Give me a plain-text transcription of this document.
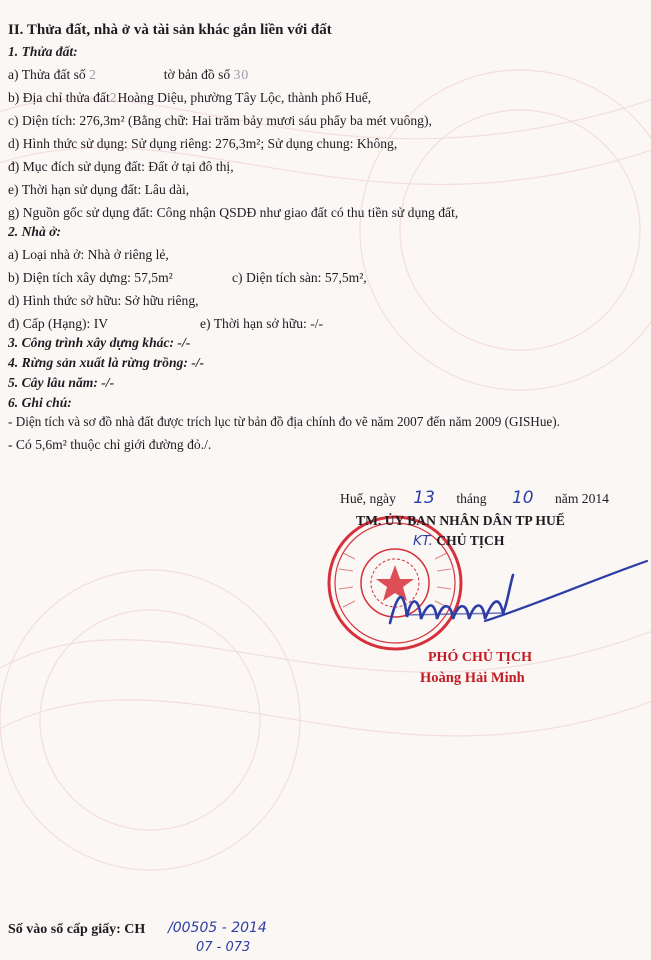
II. Thửa đất, nhà ở và tài sản khác gắn liền với đất
1. Thửa đất:
a) Thửa đất số 2	tờ bản đồ số 30
b) Địa chỉ thửa đất2Hoàng Diệu, phường Tây Lộc, thành phố Huế,
c) Diện tích: 276,3m² (Bằng chữ: Hai trăm bảy mươi sáu phẩy ba mét vuông),
d) Hình thức sử dụng: Sử dụng riêng: 276,3m²; Sử dụng chung: Không,
đ) Mục đích sử dụng đất: Đất ở tại đô thị,
e) Thời hạn sử dụng đất: Lâu dài,
g) Nguồn gốc sử dụng đất: Công nhận QSDĐ như giao đất có thu tiền sử dụng đất,
2. Nhà ở:
a) Loại nhà ở: Nhà ở riêng lẻ,
b) Diện tích xây dựng: 57,5m²	c) Diện tích sàn: 57,5m²,
d) Hình thức sở hữu: Sở hữu riêng,
đ) Cấp (Hạng): IV	e) Thời hạn sở hữu: -/-
3. Công trình xây dựng khác: -/-
4. Rừng sản xuất là rừng trồng: -/-
5. Cây lâu năm: -/-
6. Ghi chú:
- Diện tích và sơ đồ nhà đất được trích lục từ bản đồ địa chính đo vẽ năm 2007 đến năm 2009 (GISHue).
- Có 5,6m² thuộc chỉ giới đường đỏ./.
Huế, ngày 13 tháng 10 năm 2014
TM. ỦY BAN NHÂN DÂN TP HUẾ
KT. CHỦ TỊCH
PHÓ CHỦ TỊCH
Hoàng Hải Minh
Số vào sổ cấp giấy: CH /00505 - 2014
07 - 073
